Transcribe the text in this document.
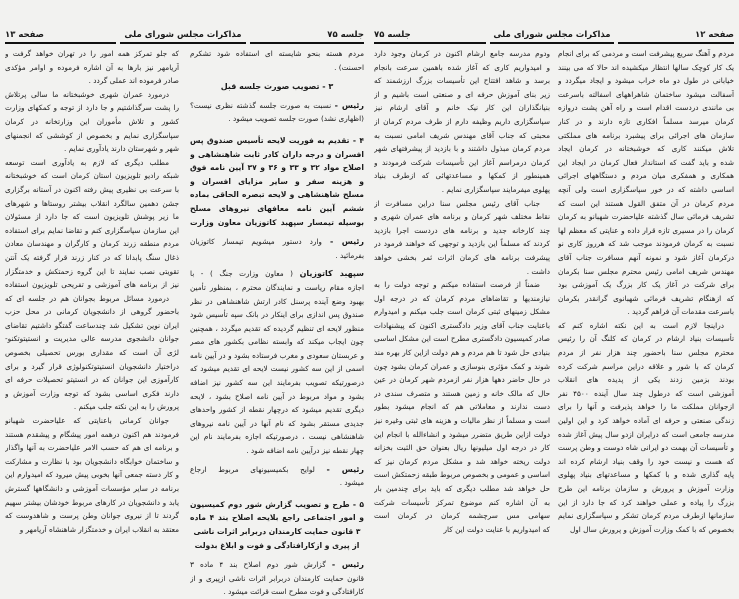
جلسه ۷۵
مذاکرات مجلس شورای ملی
صفحه ۱۳
مردم هسته بنحو شایسته ای استفاده شود تشکرم
احسنت) .
۳ - تصویب صورت جلسه قبل
رئیس - نسبت به صورت جلسه گذشته نظری نیست؟
(اظهاری نشد) صورت جلسه تصویب میشود .
۴ - تقدیم به فوریت لایحه تأسیس صندوق پس
افسران و درجه داران کادر ثابت شاهنشاهی و
اصلاح مواد ۳۲ و ۳۳ و ۳۶ و ۳۷ آیین نامه فوق
و هزینه سفر و سایر مزایای افسران و
مسلح شاهنشاهی و لایحه تبصره الحاقی بماده
ششم آیین نامه معافهای نیروهای مسلح
بوسیله تیمسار سپهبد کاتوزیان معاون وزارت
رئیس - وارد دستور میشویم تیمسار کاتوزیان
بفرمائید .
سپهبد کاتوزیان ( معاون وزارت جنگ ) - با
اجازه مقام ریاست و نمایندگان محترم ، بمنظور تأمین
بهبود وضع آینده پرسنل کادر ارتش شاهنشاهی در نظر
صندوق پس اندازی برای اینکار در بانک سپه تأسیس شود
منظور لایحه ای تنظیم گردیده که تقدیم میگردد ، همچنین
چون ایجاب میکند که وابسته نظامی بکشور های مصر
و عربستان سعودی و مغرب فرستاده بشود و در آیین نامه
اسمی از این سه کشور نیست لایحه ای تقدیم میشود که
درصورتیکه تصویب بفرمایند این سه کشور نیز اضافه
بشود و مواد مربوط در آیین نامه اصلاح بشود ، لایحه
دیگری تقدیم میشود که درچهار نقطه از کشور واحدهای
جدیدی مستقر بشود که نام آنها در آیین نامه نیروهای
شاهنشاهی نیست ، درصورتیکه اجازه بفرمایند نام این
چهار نقطه نیز درآیین نامه اضافه شود .
رئیس - لوایح بکمیسیونهای مربوط ارجاع
میشود .
۵ - طرح و تصویب گزارش شور دوم کمیسیون
و امور اجتماعی راجع بلایحه اصلاح بند ۴ ماده
۳ قانون حمایت کارمندان دربرابر اثرات ناشی
از پیری و ازکارافتادگی و فوت و ابلاغ بدولت
رئیس - گزارش شور دوم اصلاح بند ۴ ماده ۳
قانون حمایت کارمندان دربرابر اثرات ناشی ازپیری و از
کارافتادگی و فوت مطرح است قرائت میشود .
که جلو تمرکز همه امور را در تهران خواهد گرفت و
آریامهر نیز بارها به آن اشاره فرموده و اوامر مؤکدی
صادر فرموده اند عملی گردد .
درمورد عمران شهری خوشبختانه ما سالی پرتلاش
را پشت سرگذاشتیم و جا دارد از توجه و کمکهای وزارت
کشور و تلاش مأموران این وزارتخانه در کرمان
سپاسگزاری نمایم و بخصوص از کوششی که انجمنهای
شهر و شهرستان دارند یادآوری نمایم .
مطلب دیگری که لازم به یادآوری است توسعه
شبکه رادیو تلویزیون استان کرمان است که خوشبختانه
با سرعت بی نظیری پیش رفته اکنون در آستانه برگزاری
جشن دهمین سالگرد انقلاب بیشتر روستاها و شهرهای
ما زیر پوشش تلویزیون است که جا دارد از مسئولان
این سازمان سپاسگزاری کنم و تقاضا نمایم برای استفاده
مردم منطقه زرند کرمان و کارگران و مهندسان معادن
ذغال سنگ پابدانا که در کنار زرند قرار گرفته یک آنتن
تقویتی نصب نمایند تا این گروه زحمتکش و خدمتگزار
نیز از برنامه های آموزشی و تفریحی تلویزیون استفاده
درمورد مسائل مربوط بجوانان هم در جلسه ای که
باحضور گروهی از دانشجویان کرمانی در محل حزب
ایران نوین تشکیل شد چندساعت گفتگو داشتیم تقاضای
جوانان دانشجوی مدرسه عالی مدیریت و انستیتوتکنو-
لژی آن است که مقداری بورس تحصیلی بخصوص
دراختیار دانشجویان انستیتوتکنولوژی قرار گیرد و برای
کارآموزی این جوانان که در انستیتو تحصیلات حرفه ای
دارند فکری اساسی بشود که توجه وزارت آموزش و
پرورش را به این نکته جلب میکنم .
جوانان کرمانی باعنایتی که علیاحضرت شهبانو
فرمودند هم اکنون درهمه امور پیشگام و پیشقدم هستند
و برنامه ای هم که حسب الامر علیاحضرت به آنها واگذار
و ساختمان خوابگاه دانشجویان بود با نظارت و مشارکت
و کار دسته جمعی آنها بخوبی پیش میرود که امیدوارم این
برنامه در سایر مؤسسات آموزشی و دانشگاهها گسترش
یابد و دانشجویان در کارهای مربوط خودشان بیشتر سهیم
گردند تا از نیروی جوانان وطن پرست و شاهدوست که
معتقد به انقلاب ایران و خدمتگزار شاهنشاه آریامهر و
جلسه ۷۵	مذاکرات مجلس شورای ملی	صفحه ۱۲
ودوم مدرسه جامع ارشام اکنون در کرمان وجود دارد
و امیدواریم کاری که آغاز شده باهمین سرعت بانجام
برسد و شاهد افتتاح این تأسیسات بزرگ ارزشمند که
زیر بنای آموزش حرفه ای و صنعتی است باشیم و از
بنیانگذاران این کار نیک خانم و آقای ارشام نیز
سپاسگزاری داریم وظیفه دارم از طرف مردم کرمان از
محبتی که جناب آقای مهندس شریف امامی نسبت به
مردم کرمان مبذول داشتند و با بازدید از پیشرفتهای شهر
کرمان درمراسم آغاز این تأسیسات شرکت فرمودند و
همینطور از کمکها و مساعدتهائی که ازطرف بنیاد
پهلوی میفرمایند سپاسگزاری نمایم .
جناب آقای رئیس مجلس سنا دراین مسافرت از
نقاط مختلف شهر کرمان و برنامه های عمران شهری و
چند کارخانه جدید و برنامه های دردست اجرا بازدید
کردند که مسلماً این بازدید و توجهی که خواهند فرمود در
پیشرفت برنامه های کرمان اثرات ثمر بخشی خواهد
داشت .
ضمناً از فرصت استفاده میکنم و توجه دولت را به
نیازمندیها و تقاضاهای مردم کرمان که در درجه اول
مشکل زمینهای ثبتی کرمان است جلب میکنم و امیدوارم
باعنایت جناب آقای وزیر دادگستری اکنون که پیشنهادات
صادر کمیسیون دادگستری مطرح است این مشکل اساسی
بنیادی حل شود تا هم مردم و هم دولت ازاین کار بهره مند
شوند و کمک مؤثری بنوسازی و عمران کرمان بشود چون
در حال حاضر دهها هزار نفر ازمردم شهر کرمان در عین
حال که مالک خانه و زمین هستند و متصرف سندی در
دست ندارند و معاملاتی هم که انجام میشود بطور
است و مسلماً از نظر مالیات و هزینه های ثبتی وغیره نیز
دولت ازاین طریق متضرر میشود و انشاءالله با انجام این
کار در درجه اول میلیونها ریال بعنوان حق الثبت بخزانه
دولت ریخته خواهد شد و مشکل مردم کرمان نیز که
اساسی و عمومی و بخصوص مربوط طبقه زحمتکش است
حل خواهد شد مطلب دیگری که باید برای چندمین بار
به آن اشاره کنم موضوع تمرکز تأسیسات شرکت
سهامی مس سرچشمه کرمان در کرمان است
که امیدواریم با عنایت دولت این کار
مردم و آهنگ سریع پیشرفت است و مردمی که برای انجام
یک کار کوچک سالها انتظار میکشیده اند حالا که می بینند
خیابانی در طول دو ماه خراب میشود و ایجاد میگردد و
آسفالت میشود ساختمان شاهراههای اسفالته باسرعت
بی مانندی دردست اقدام است و راه آهن پشت دروازه
کرمان میرسد مسلماً افکاری تازه دارند و در کنار
سازمان های اجرائی برای پیشبرد برنامه های مملکتی
تلاش میکنند کاری که خوشبختانه در کرمان ایجاد
شده و باید گفت که استاندار فعال کرمان در ایجاد این
همکاری و همفکری میان مردم و دستگاههای اجرائی
اساسی داشته که در خور سپاسگزاری است ولی آنچه
مردم کرمان در آن متفق القول هستند این است که
تشریف فرمائی سال گذشته علیاحضرت شهبانو به کرمان
کرمان را در مسیری تازه قرار داده و عنایتی که معظم لها
نسبت به کرمان فرمودند موجب شد که هرروز کاری نو
درکرمان آغاز شود و نمونه آنهم مسافرت جناب آقای
مهندس شریف امامی رئیس محترم مجلس سنا بکرمان
برای شرکت در آغاز یک کار بزرگ یک آموزشی بود
که ازهنگام تشریف فرمائی شهبانوی گرانقدر بکرمان
باسرعت مقدمات آن فراهم گردید .
دراینجا لازم است به این نکته اشاره کنم که
تأسیسات بنیاد ارشام در کرمان که کلنگ آن را رئیس
محترم مجلس سنا باحضور چند هزار نفر از مردم
کرمان که با شور و علاقه دراین مراسم شرکت کرده
بودند بزمین زدند یکی از پدیده های انقلاب
آموزشی است که درطول چند سال آینده ۴۵۰۰ نفر
ازجوانان مملکت ما را خواهد پذیرفت و آنها را برای
زندگی صنعتی و حرفه ای آماده خواهد کرد و این اولین
مدرسه جامعی است که درایران ازدو سال پیش آغاز شده
و تأسیسات آن بهمت دو ایرانی شاه دوست و وطن پرست
که هست و نیست خود را وقف بنیاد ارشام کرده اند
پایه گذاری شده و با کمکها و مساعدتهای بنیاد پهلوی
وزارت آموزش و پرورش و سازمان برنامه این طرح
بزرگ را پیاده و عملی خواهند کرد که جا دارد از این
سازمانها ازطرف مردم کرمان تشکر و سپاسگزاری نمایم
بخصوص که با کمک وزارت آموزش و پرورش سال اول
